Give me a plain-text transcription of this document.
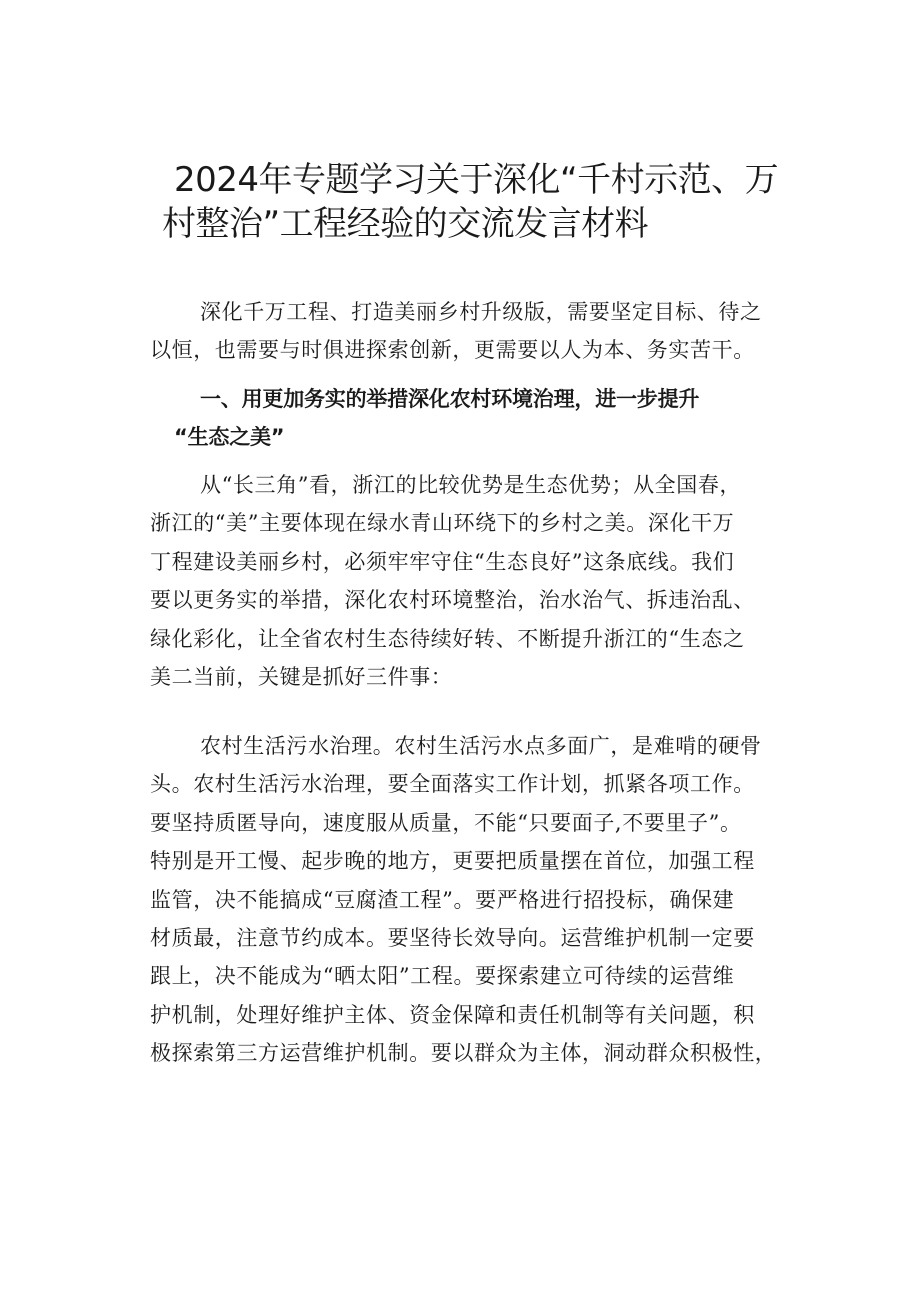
2024年专题学习关于深化“千村示范、万
村整治”工程经验的交流发言材料
深化千万工程、打造美丽乡村升级版，需要坚定目标、待之
以恒，也需要与时俱进探索创新，更需要以人为本、务实苦干。
一、用更加务实的举措深化农村环境治理，进一步提升
“生态之美”
从“长三角”看，浙江的比较优势是生态优势；从全国春，
浙江的“美”主要体现在绿水青山环绕下的乡村之美。深化干万
丁程建设美丽乡村，必须牢牢守住“生态良好”这条底线。我们
要以更务实的举措，深化农村环境整治，治水治气、拆违治乱、
绿化彩化，让全省农村生态待续好转、不断提升浙江的“生态之
美二当前，关键是抓好三件事：
农村生活污水治理。农村生活污水点多面广，是难啃的硬骨
头。农村生活污水治理，要全面落实工作计划，抓紧各项工作。
要坚持质匿导向，速度服从质量，不能“只要面子,不要里子”。
特别是开工慢、起步晚的地方，更要把质量摆在首位，加强工程
监管，决不能搞成“豆腐渣工程”。要严格进行招投标，确保建
材质最，注意节约成本。要坚待长效导向。运营维护机制一定要
跟上，决不能成为“晒太阳”工程。要探索建立可待续的运营维
护机制，处理好维护主体、资金保障和责任机制等有关问题，积
极探索第三方运营维护机制。要以群众为主体，洞动群众积极性，
